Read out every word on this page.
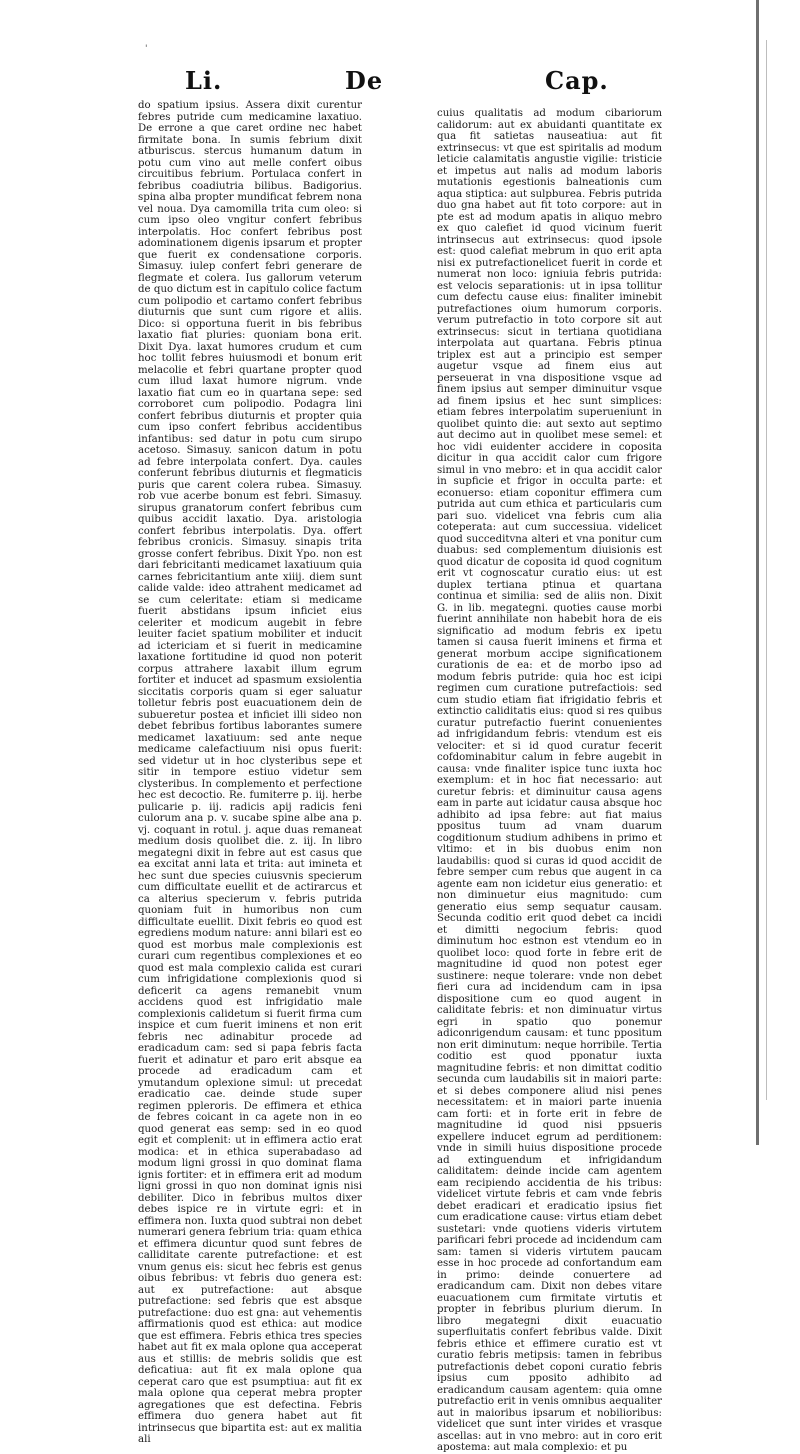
'
Li.	De	Cap.

do spatium ipsius. Assera dixit curentur febres putride cum medicamine laxatiuo. De errone a que caret ordine nec habet firmitate bona. In sumis febrium dixit atburiscus. stercus humanum datum in potu cum vino aut melle confert oibus circuitibus febrium. Portulaca confert in febribus coadiutria bilibus. Badigorius. spina alba propter mundificat febrem nona vel noua. Dya camomilla trita cum oleo: si cum ipso oleo vngitur confert febribus interpolatis. Hoc confert febribus post adominationem digenis ipsarum et propter que fuerit ex condensatione corporis. Simasuy. iulep confert febri generare de flegmate et colera. Ius gallorum veterum de quo dictum est in capitulo colice factum cum polipodio et cartamo confert febribus diuturnis que sunt cum rigore et aliis. Dico: si opportuna fuerit in bis febribus laxatio fiat pluries: quoniam bona erit. Dixit Dya. laxat humores crudum et cum hoc tollit febres huiusmodi et bonum erit melacolie et febri quartane propter quod cum illud laxat humore nigrum. vnde laxatio fiat cum eo in quartana sepe: sed corroboret cum polipodio. Podagra lini confert febribus diuturnis et propter quia cum ipso confert febribus accidentibus infantibus: sed datur in potu cum sirupo acetoso. Simasuy. sanicon datum in potu ad febre interpolata confert. Dya. caules conferunt febribus diuturnis et flegmaticis puris que carent colera rubea. Simasuy. rob vue acerbe bonum est febri. Simasuy. sirupus granatorum confert febribus cum quibus accidit laxatio. Dya. aristologia confert febribus interpolatis. Dya. offert febribus cronicis. Simasuy. sinapis trita grosse confert febribus. Dixit Ypo. non est dari febricitanti medicamet laxatiuum quia carnes febricitantium ante xiiij. diem sunt calide valde: ideo attrahent medicamet ad se cum celeritate: etiam si medicame fuerit abstidans ipsum inficiet eius celeriter et modicum augebit in febre leuiter faciet spatium mobiliter et inducit ad ictericiam et si fuerit in medicamine laxatione fortitudine id quod non poterit corpus attrahere laxabit illum egrum fortiter et inducet ad spasmum exsiolentia siccitatis corporis quam si eger saluatur tolletur febris post euacuationem dein de subueretur postea et inficiet illi sideo non debet febribus fortibus laborantes sumere medicamet laxatiuum: sed ante neque medicame calefactiuum nisi opus fuerit: sed videtur ut in hoc clysteribus sepe et sitir in tempore estiuo videtur sem clysteribus. In complemento et perfectione hec est decoctio. Re. fumiterre p. iij. herbe pulicarie p. iij. radicis apij radicis feni culorum ana p. v. sucabe spine albe ana p. vj. coquant in rotul. j. aque duas remaneat medium dosis quolibet die. z. iij. In libro megategni dixit in febre aut est casus que ea excitat anni lata et trita: aut imineta et hec sunt due species cuiusvnis specierum cum difficultate euellit et de actirarcus et ca alterius specierum v. febris putrida quoniam fuit in humoribus non cum difficultate euellit. Dixit febris eo quod est egrediens modum nature: anni bilari est eo quod est morbus male complexionis est curari cum regentibus complexiones et eo quod est mala complexio calida est curari cum infrigidatione complexionis quod si deficerit ca agens remanebit vnum accidens quod est infrigidatio male complexionis calidetum si fuerit firma cum inspice et cum fuerit iminens et non erit febris nec adinabitur procede ad eradicadum cam: sed si papa febris facta fuerit et adinatur et paro erit absque ea procede ad eradicadum cam et ymutandum oplexione simul: ut precedat eradicatio cae. deinde stude super regimen ppleroris. De effimera et ethica de febres coicant in ca agete non in eo quod generat eas semp: sed in eo quod egit et complenit: ut in effimera actio erat modica: et in ethica superabadaso ad modum ligni grossi in quo dominat flama ignis fortiter: et in effimera erit ad modum ligni grossi in quo non dominat ignis nisi debiliter. Dico in febribus multos dixer debes ispice re in virtute egri: et in effimera non. Iuxta quod subtrai non debet numerari genera febrium tria: quam ethica et effimera dicuntur quod sunt febres de calliditate carente putrefactione: et est vnum genus eis: sicut hec febris est genus oibus febribus: vt febris duo genera est: aut ex putrefactione: aut absque putrefactione: sed febris que est absque putrefactione: duo est gna: aut vehementis affirmationis quod est ethica: aut modice que est effimera. Febris ethica tres species habet aut fit ex mala oplone qua acceperat aus et stillis: de mebris solidis que est deficatiua: aut fit ex mala oplone qua ceperat caro que est psumptiua: aut fit ex mala oplone qua ceperat mebra propter agregationes que est defectina. Febris effimera duo genera habet aut fit intrinsecus que bipartita est: aut ex malitia ali

cuius qualitatis ad modum cibariorum calidorum: aut ex abuidanti quantitate ex qua fit satietas nauseatiua: aut fit extrinsecus: vt que est spiritalis ad modum leticie calamitatis angustie vigilie: tristicie et impetus aut nalis ad modum laboris mutationis egestionis balneationis cum aqua stiptica: aut sulpburea. Febris putrida duo gna habet aut fit toto corpore: aut in pte est ad modum apatis in aliquo mebro ex quo calefiet id quod vicinum fuerit intrinsecus aut extrinsecus: quod ipsole est: quod calefiat mebrum in quo erit apta nisi ex putrefactionelicet fuerit in corde et numerat non loco: igniuia febris putrida: est velocis separationis: ut in ipsa tollitur cum defectu cause eius: finaliter iminebit putrefactiones oium humorum corporis. verum putrefactio in toto corpore sit aut extrinsecus: sicut in tertiana quotidiana interpolata aut quartana. Febris ptinua triplex est aut a principio est semper augetur vsque ad finem eius aut perseuerat in vna dispositione vsque ad finem ipsius aut semper diminuitur vsque ad finem ipsius et hec sunt simplices: etiam febres interpolatim superueniunt in quolibet quinto die: aut sexto aut septimo aut decimo aut in quolibet mese semel: et hoc vidi euidenter accidere in coposita dicitur in qua accidit calor cum frigore simul in vno mebro: et in qua accidit calor in supficie et frigor in occulta parte: et econuerso: etiam coponitur effimera cum putrida aut cum ethica et particularis cum pari suo. videlicet vna febris cum alia coteperata: aut cum successiua. videlicet quod succeditvna alteri et vna ponitur cum duabus: sed complementum diuisionis est quod dicatur de coposita id quod cognitum erit vt cognoscatur curatio eius: ut est duplex tertiana ptinua et quartana continua et similia: sed de aliis non. Dixit G. in lib. megategni. quoties cause morbi fuerint annihilate non habebit hora de eis significatio ad modum febris ex ipetu tamen si causa fuerit iminens et firma et generat morbum accipe significationem curationis de ea: et de morbo ipso ad modum febris putride: quia hoc est icipi regimen cum curatione putrefactiois: sed cum studio etiam fiat ifrigidatio febris et extinctio caliditatis eius: quod si res quibus curatur putrefactio fuerint conuenientes ad infrigidandum febris: vtendum est eis velociter: et si id quod curatur fecerit cofdominabitur calum in febre augebit in causa: vnde finaliter ispice tunc iuxta hoc exemplum: et in hoc fiat necessario: aut curetur febris: et diminuitur causa agens eam in parte aut icidatur causa absque hoc adhibito ad ipsa febre: aut fiat maius ppositus tuum ad vnam duarum cogditionum studium adhibens in primo et vltimo: et in bis duobus enim non laudabilis: quod si curas id quod accidit de febre semper cum rebus que augent in ca agente eam non icidetur eius generatio: et non diminuetur eius magnitudo: cum generatio eius semp sequatur causam. Secunda coditio erit quod debet ca incidi et dimitti negocium febris: quod diminutum hoc estnon est vtendum eo in quolibet loco: quod forte in febre erit de magnitudine id quod non potest eger sustinere: neque tolerare: vnde non debet fieri cura ad incidendum cam in ipsa dispositione cum eo quod augent in caliditate febris: et non diminuatur virtus egri in spatio quo ponemur adiconrigendum causam: et tunc ppositum non erit diminutum: neque horribile. Tertia coditio est quod pponatur iuxta magnitudine febris: et non dimittat coditio secunda cum laudabilis sit in maiori parte: et si debes componere aliud nisi penes necessitatem: et in maiori parte inuenia cam forti: et in forte erit in febre de magnitudine id quod nisi ppsueris expellere inducet egrum ad perditionem: vnde in simili huius dispositione procede ad extinguendum et infrigidandum caliditatem: deinde incide cam agentem eam recipiendo accidentia de his tribus: videlicet virtute febris et cam vnde febris debet eradicari et eradicatio ipsius fiet cum eradicatione cause: virtus etiam debet sustetari: vnde quotiens videris virtutem parificari febri procede ad incidendum cam sam: tamen si videris virtutem paucam esse in hoc procede ad confortandum eam in primo: deinde conuertere ad eradicandum cam. Dixit non debes vitare euacuationem cum firmitate virtutis et propter in febribus plurium dierum. In libro megategni dixit euacuatio superfluitatis confert febribus valde. Dixit febris ethice et effimere curatio est vt curatio febris metipsis: tamen in febribus putrefactionis debet coponi curatio febris ipsius cum pposito adhibito ad eradicandum causam agentem: quia omne putrefactio erit in venis omnibus aequaliter aut in maioribus ipsarum et nobilioribus: videlicet que sunt inter virides et vrasque ascellas: aut in vno mebro: aut in coro erit apostema: aut mala complexio: et pu
